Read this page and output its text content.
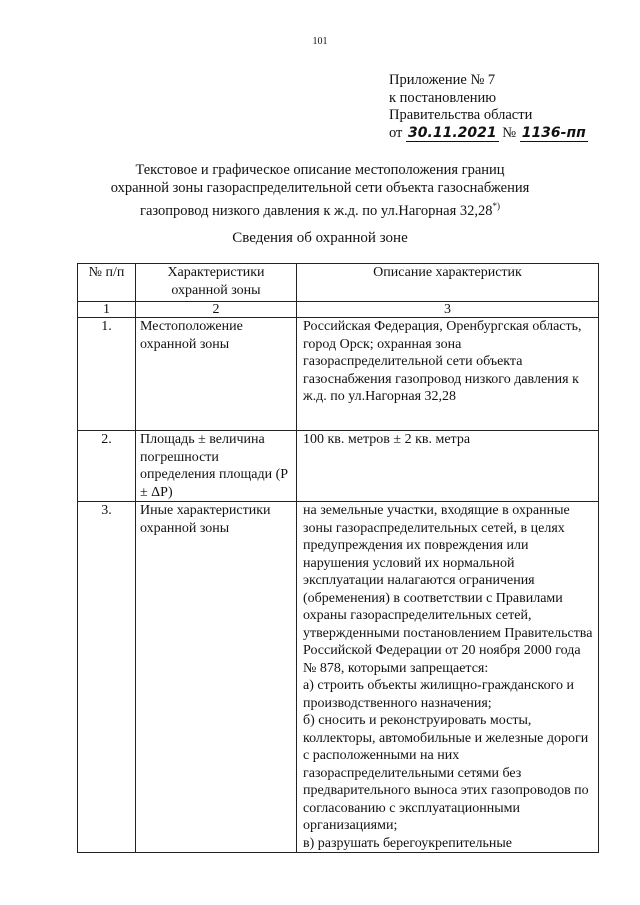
101
Приложение № 7
к постановлению
Правительства области
от 30.11.2021 № 1136-пп
Текстовое и графическое описание местоположения границ
охранной зоны газораспределительной сети объекта газоснабжения
газопровод низкого давления к ж.д. по ул.Нагорная 32,28*)
Сведения об охранной зоне
№ п/п	Характеристики охранной зоны	Описание характеристик
1	2	3
1.	Местоположение охранной зоны	Российская Федерация, Оренбургская область, город Орск; охранная зона газораспределительной сети объекта газоснабжения газопровод низкого давления к ж.д. по ул.Нагорная 32,28
2.	Площадь ± величина погрешности определения площади (Р ± ΔР)	100 кв. метров ± 2 кв. метра
3.	Иные характеристики охранной зоны	на земельные участки, входящие в охранные зоны газораспределительных сетей, в целях предупреждения их повреждения или нарушения условий их нормальной эксплуатации налагаются ограничения (обременения) в соответствии с Правилами охраны газораспределительных сетей, утвержденными постановлением Правительства Российской Федерации от 20 ноября 2000 года № 878, которыми запрещается:
а) строить объекты жилищно-гражданского и производственного назначения;
б) сносить и реконструировать мосты, коллекторы, автомобильные и железные дороги с расположенными на них газораспределительными сетями без предварительного выноса этих газопроводов по согласованию с эксплуатационными организациями;
в) разрушать берегоукрепительные
